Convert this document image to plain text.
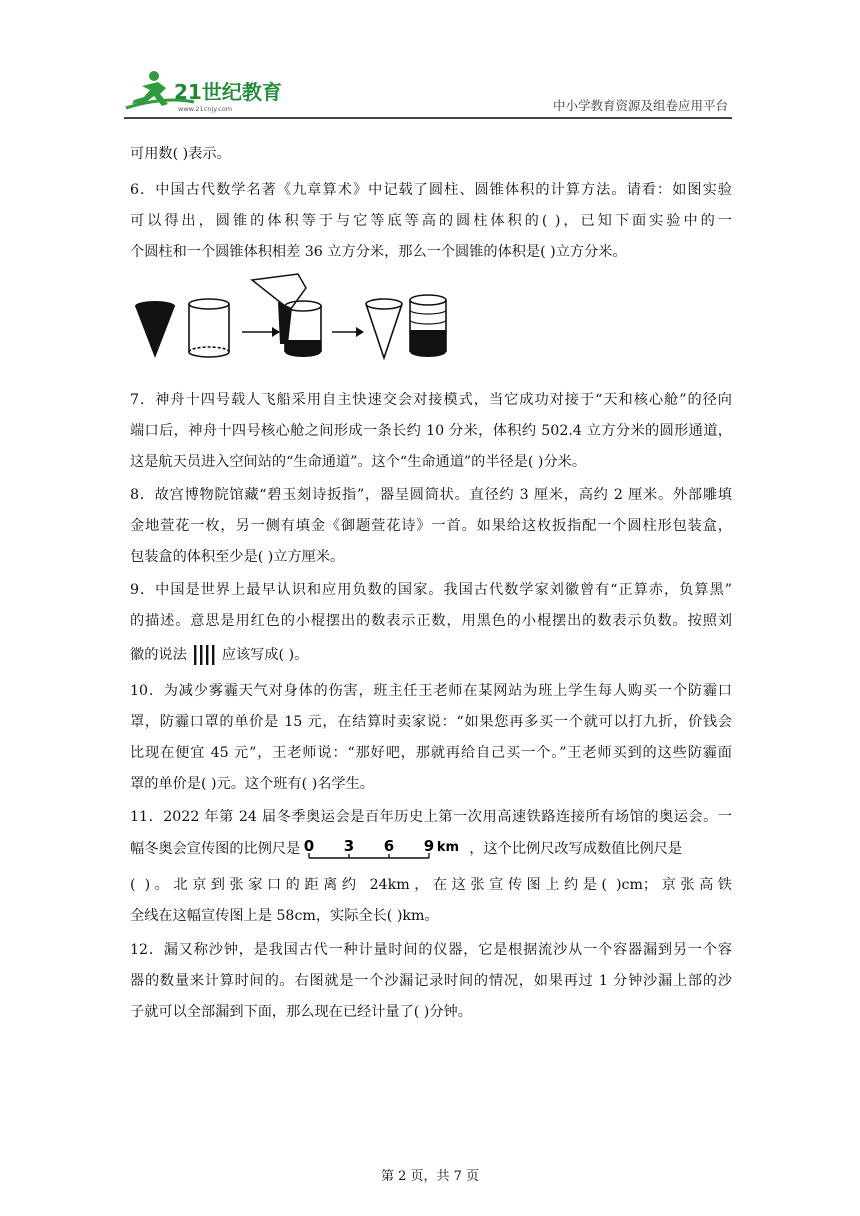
21世纪教育
www.21cnjy.com	中小学教育资源及组卷应用平台
可用数( )表示。
6．中国古代数学名著《九章算术》中记载了圆柱、圆锥体积的计算方法。请看：如图实验
可以得出，圆锥的体积等于与它等底等高的圆柱体积的( )，已知下面实验中的一
个圆柱和一个圆锥体积相差 36 立方分米，那么一个圆锥的体积是( )立方分米。
7．神舟十四号载人飞船采用自主快速交会对接模式，当它成功对接于“天和核心舱”的径向
端口后，神舟十四号核心舱之间形成一条长约 10 分米，体积约 502.4 立方分米的圆形通道，
这是航天员进入空间站的“生命通道”。这个“生命通道”的半径是( )分米。
8．故宫博物院馆藏“碧玉刻诗扳指”，器呈圆筒状。直径约 3 厘米，高约 2 厘米。外部雕填
金地萱花一枚，另一侧有填金《御题萱花诗》一首。如果给这枚扳指配一个圆柱形包装盒，
包装盒的体积至少是( )立方厘米。
9．中国是世界上最早认识和应用负数的国家。我国古代数学家刘徽曾有“正算赤，负算黑”
的描述。意思是用红色的小棍摆出的数表示正数，用黑色的小棍摆出的数表示负数。按照刘
徽的说法 应该写成( )。
10．为减少雾霾天气对身体的伤害，班主任王老师在某网站为班上学生每人购买一个防霾口
罩，防霾口罩的单价是 15 元，在结算时卖家说：“如果您再多买一个就可以打九折，价钱会
比现在便宜 45 元”，王老师说：“那好吧，那就再给自己买一个。”王老师买到的这些防霾面
罩的单价是( )元。这个班有( )名学生。
11．2022 年第 24 届冬季奥运会是百年历史上第一次用高速铁路连接所有场馆的奥运会。一
幅冬奥会宣传图的比例尺是 0 3 6 9 km ，这个比例尺改写成数值比例尺是
( )。北京到张家口的距离约 24km，在这张宣传图上约是( )cm；京张高铁
全线在这幅宣传图上是 58cm，实际全长( )km。
12．漏又称沙钟，是我国古代一种计量时间的仪器，它是根据流沙从一个容器漏到另一个容
器的数量来计算时间的。右图就是一个沙漏记录时间的情况，如果再过 1 分钟沙漏上部的沙
子就可以全部漏到下面，那么现在已经计量了( )分钟。
第 2 页，共 7 页
